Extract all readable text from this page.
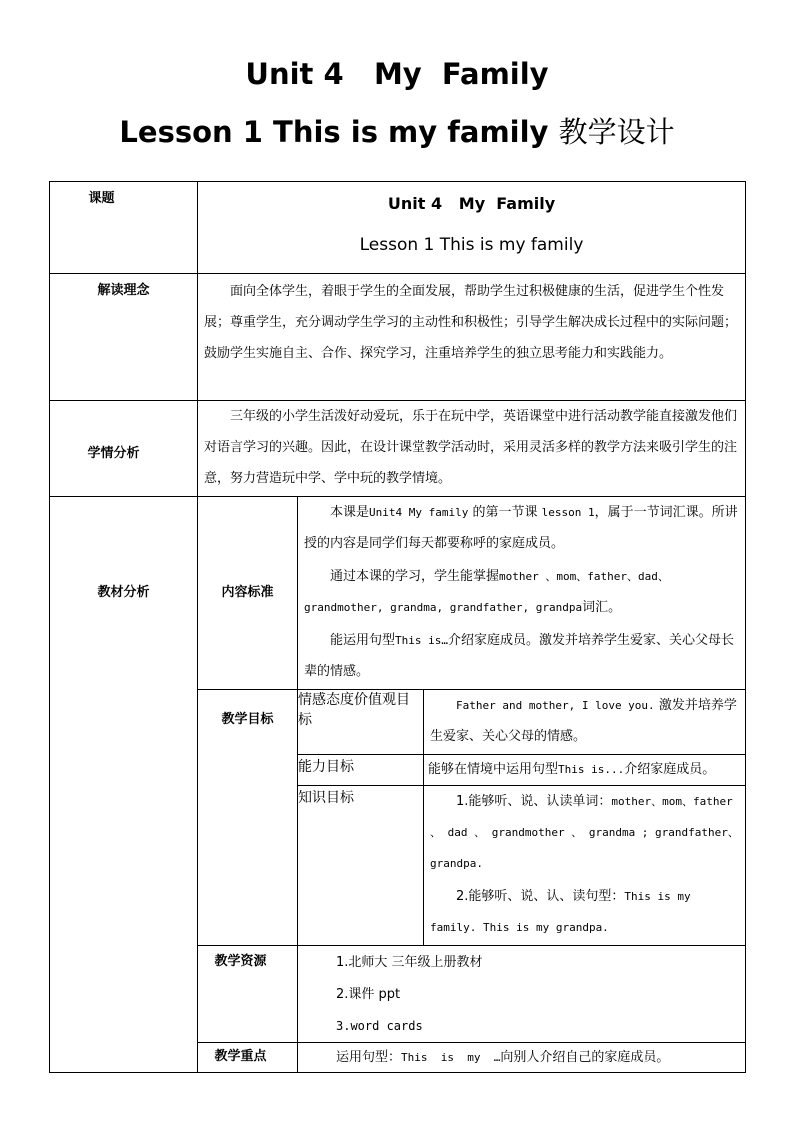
Unit 4   My  Family
Lesson 1 This is my family 教学设计
课题	Unit 4   My  Family
Lesson 1 This is my family		

解读理念	面向全体学生，着眼于学生的全面发展，帮助学生过积极健康的生活，促进学生个性发展；尊重学生，充分调动学生学习的主动性和积极性；引导学生解决成长过程中的实际问题；鼓励学生实施自主、合作、探究学习，注重培养学生的独立思考能力和实践能力。		

学情分析	三年级的小学生活泼好动爱玩，乐于在玩中学，英语课堂中进行活动教学能直接激发他们对语言学习的兴趣。因此，在设计课堂教学活动时，采用灵活多样的教学方法来吸引学生的注意，努力营造玩中学、学中玩的教学情境。		

教材分析	内容标准	本课是Unit4 My family 的第一节课 lesson 1，属于一节词汇课。所讲授的内容是同学们每天都要称呼的家庭成员。

通过本课的学习，学生能掌握mother 、mom、father、dad、grandmother, grandma, grandfather, grandpa词汇。

能运用句型This is…介绍家庭成员。激发并培养学生爱家、关心父母长辈的情感。	

	教学目标	情感态度价值观目标	Father and mother, I love you. 激发并培养学生爱家、关心父母的情感。

		能力目标	能够在情境中运用句型This is...介绍家庭成员。

		知识目标	1.能够听、说、认读单词：mother、mom、father 、 dad 、 grandmother 、 grandma ; grandfather、 grandpa.

2.能够听、说、认、读句型：This is my family. This is my grandpa.

	教学资源	1.北师大 三年级上册教材
2.课件 ppt
3.word cards	

	教学重点	运用句型：This  is  my  …向别人介绍自己的家庭成员。	
